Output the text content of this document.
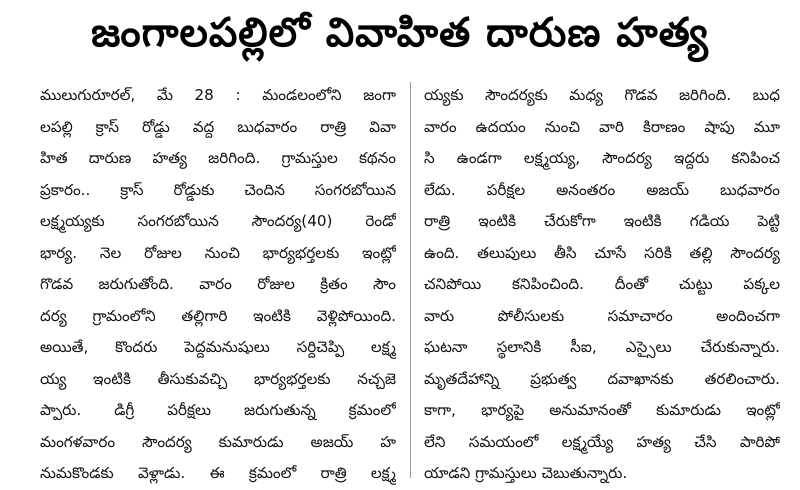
జంగాలపల్లిలో వివాహిత దారుణ హత్య
ములుగురూరల్, మే 28 : మండలంలోని జంగా
లపల్లి క్రాస్ రోడ్డు వద్ద బుధవారం రాత్రి వివా
హిత దారుణ హత్య జరిగింది. గ్రామస్తుల కథనం
ప్రకారం.. క్రాస్ రోడ్డుకు చెందిన సంగరబోయిన
లక్ష్మయ్యకు సంగరబోయిన సౌందర్య(40) రెండో
భార్య. నెల రోజుల నుంచి భార్యభర్తలకు ఇంట్లో
గొడవ జరుగుతోంది. వారం రోజుల క్రితం సౌం
దర్య గ్రామంలోని తల్లిగారి ఇంటికి వెళ్లిపోయింది.
అయితే, కొందరు పెద్దమనుషులు సర్దిచెప్పి లక్ష్మ
య్య ఇంటికి తీసుకువచ్చి భార్యభర్తలకు నచ్చజె
ప్పారు. డిగ్రీ పరీక్షలు జరుగుతున్న క్రమంలో
మంగళవారం సౌందర్య కుమారుడు అజయ్ హ
నుమకొండకు వెళ్లాడు. ఈ క్రమంలో రాత్రి లక్ష్మ
య్యకు సౌందర్యకు మధ్య గొడవ జరిగింది. బుధ
వారం ఉదయం నుంచి వారి కిరాణం షాపు మూ
సి ఉండగా లక్ష్మయ్య, సౌందర్య ఇద్దరు కనిపించ
లేదు. పరీక్షల అనంతరం అజయ్ బుధవారం
రాత్రి ఇంటికి చేరుకోగా ఇంటికి గడియ పెట్టి
ఉంది. తలుపులు తీసి చూసే సరికి తల్లి సౌందర్య
చనిపోయి కనిపించింది. దీంతో చుట్టు పక్కల
వారు పోలీసులకు సమాచారం అందించగా
ఘటనా స్థలానికి సీఐ, ఎస్సైలు చేరుకున్నారు.
మృతదేహాన్ని ప్రభుత్వ దవాఖానకు తరలించారు.
కాగా, భార్యపై అనుమానంతో కుమారుడు ఇంట్లో
లేని సమయంలో లక్ష్మయ్యే హత్య చేసి పారిపో
యాడని గ్రామస్తులు చెబుతున్నారు.
